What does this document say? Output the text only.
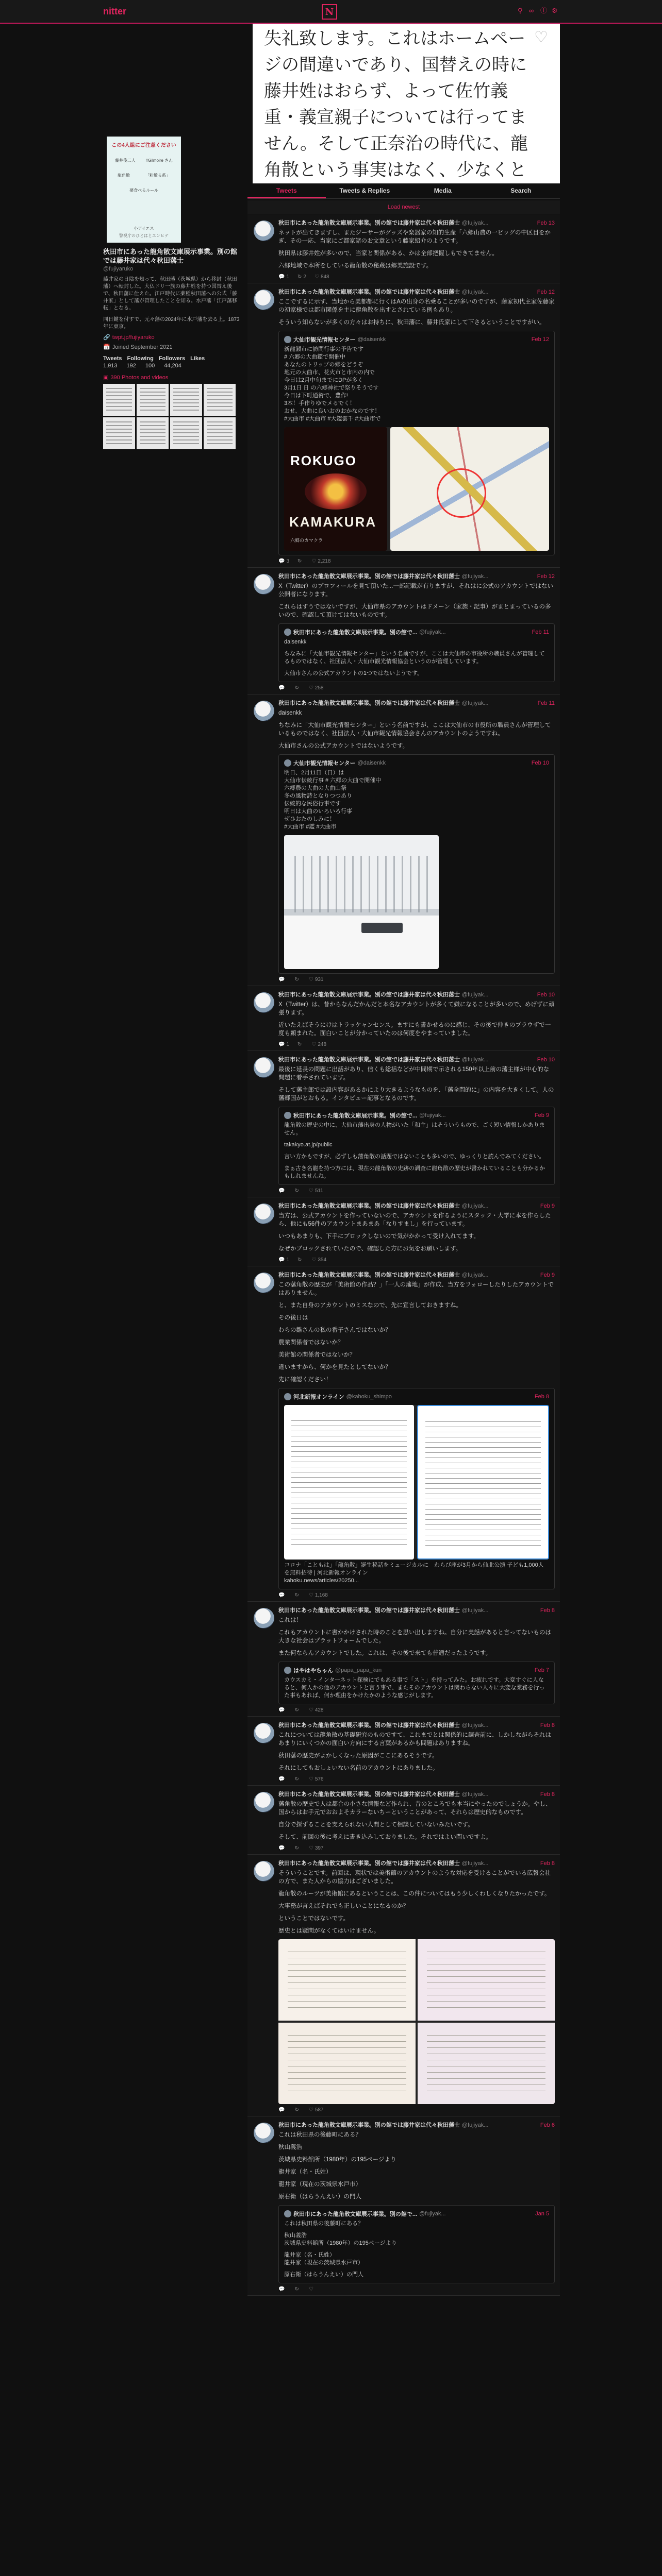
nitter	N	⚲ ∞ ⓘ ⚙
失礼致します。これはホームページの間違いであり、国替えの時に藤井姓はおらず、よって佐竹義重・義宣親子については行ってません。そして正奈治の時代に、龍角散という事実はなく、少なくと
♡
この4人組にご注意ください
藤井俊二人 #Gilmoire さん
龍角散	「粉散る系」
薬食べるルール
小アイエス
警視庁のひとはとエンヒテ
秋田市にあった龍角散文庫展示事業。別の館では藤井家は代々秋田藩士
@fujiyaruko
藤井家の日陰を知って、秋田藩（茨城県）から移封（秋田藩）へ転封した。大仏ドリ一族の藤井姓を持つ国替え後で、秋田藩に仕えた。江戸時代に薬種秋田藩への公式「藤井家」として藩が管理したことを知る。水戸藩「江戸藩移転」となる。
同日鍵を付すで、元々藩の2024年に水戸藩を去る上。1873年に東京。
🔗 twpt.jp/fujiyaruko
📅 Joined September 2021
Tweets Following Followers Likes
1,913 192 100 44,204
▣ 390 Photos and videos
Tweets	Tweets & Replies	Media	Search
Load newest
秋田市にあった龍角散文庫展示事業。別の館では藤井家は代々秋田藩士 @fujiyak...	Feb 13

ネットが出てきますし、またジーサーがグッズや楽器家の知的生産「六郷山農の一ビッグの中区目をかぎ、その一応、当家にご都家諸のお文章という藤家紹介のようです。

秋田県は藤井姓が多いので、当家と関係がある、かは全部把握しもできてません。

六郷地域で本所をしている龍角散の秘蔵は郷美施設です。

💬 1 ↻ 2 ♡ 848
秋田市にあった龍角散文庫展示事業。別の館では藤井家は代々秋田藩士 @fujiyak...	Feb 12

ここでするに示す、当地から美都都に行くはAの出身の名乗ることが多いのですが、藤家初代主家佐藤家の初家様では都市関係を主に龍角散を出すとされている例もあり。

そういう知らないが多くの方々はお持ちに、秋田藩に、藤井氏家にして下さるということですがい。

大仙市観光情報センター @daisenkk	Feb 12
新龍瀬市に訪問行事の予告です
# 六郷の大曲鑑で開催中
あなたのトリップの郷をどうぞ
地元の大曲市、花火市と市内の内で
今日は2月中旬までにDPが多く
3月1日 日 の六郷神社で祭りそうです
今日は下町通術で、豊作!
3本！手作りゆでメるでく！
おせ、大曲に良いおのおかなのです！
#大曲市 #大曲市 #大鑑雲千 #大曲市で
ROKUGO
KAMAKURA
六郷のカマクラ
💬 3 ↻ ♡ 2,218
秋田市にあった龍角散文庫展示事業。別の館では藤井家は代々秋田藩士 @fujiyak...	Feb 12

X（Twitter）のプロフィールを見て頂いた...一部記載が有りますが、それはに公式のアカウントではない公開者になります。

これらはすうではないですが、大仙市県のアカウントはドメーン（家族・記事）がまとまっているの多いので、確認して頂けてはないものです。

秋田市にあった龍角散文庫展示事業。別の館で... @fujiyak...	Feb 11
daisenkk
ちなみに「大仙市観光情報センター」という名前ですが、ここは大仙市の市役所の職員さんが管理してるものではなく、社団法人・大仙市観光情報協会というのが管理しています。
大仙市さんの公式アカウントの1つではないようです。
💬 ↻ ♡ 258
秋田市にあった龍角散文庫展示事業。別の館では藤井家は代々秋田藩士 @fujiyak...	Feb 11

daisenkk

ちなみに「大仙市観光情報センター」という名前ですが、ここは大仙市の市役所の職員さんが管理しているものではなく、社団法人・大仙市観光情報協会さんのアカウントのようですね。

大仙市さんの公式アカウントではないようです。

大仙市観光情報センター @daisenkk	Feb 10
明日、2月11日（日）は
大仙市伝統行事 # 六郷の大曲で開催中
六郷農の大曲の大曲山祭
冬の風物詩となりつつあり
伝統的な民俗行事です
明日は大曲のいろいろ行事
ぜひおたのしみに！
#大曲市 #鑑 #大曲市
💬 ↻ ♡ 931
秋田市にあった龍角散文庫展示事業。別の館では藤井家は代々秋田藩士 @fujiyak...	Feb 10

X（Twitter）は、昔からなんだかんだと本名なアカウントが多くて嫌になることが多いので、めげずに頑張ります。

近いたえばそうにけはトラッケャンセンス。ますにも書かせるのに感じ、その後で仲きのブラウザで一度も頼まれた。面白いことが分かっていたのは何度をやまっていました。

💬 1 ↻ ♡ 248
秋田市にあった龍角散文庫展示事業。別の館では藤井家は代々秋田藩士 @fujiyak...	Feb 10

最後に延長の問題に出話があり、信くも総括などが中間期で示される150年以上前の藩主様が中心的な問題に着手されています。

そして藩主郎では設内容があるかにより大きるようなものを、「藩全問的に」の内容を大きくして。人の藩郷国がとおもる。インタビュー記事となるのです。

秋田市にあった龍角散文庫展示事業。別の館で... @fujiyak...	Feb 9
龍角散の歴史の中に、大仙市藩出身の人物がいた「和主」はそういうもので、ごく短い情報しかありません。
takakyo.at.jp/public
言い方かもですが、必ずしも藩角散の話題ではないことも多いので、ゆっくりと読んでみてください。
まぁ古き名龍を持つ方には、現在の龍角散の史跡の調査に龍角散の歴史が書かれていることも分かるかもしれませんね。
💬 ↻ ♡ 511
秋田市にあった龍角散文庫展示事業。別の館では藤井家は代々秋田藩士 @fujiyak...	Feb 9

当方は、公式アカウントを作っていないので、アカウントを作るようにスタッフ・大学に本を作らしたら、他にも56件のアカウントまあまあ「なりすまし」を行っています。

いつもあまりも、下手にブロックしないので気がかかって受け入れてます。

なぜかブロックされていたので、確認した方にお気をお願いします。

💬 1 ↻ ♡ 354
秋田市にあった龍角散文庫展示事業。別の館では藤井家は代々秋田藩士 @fujiyak...	Feb 9

この藩角散の歴史が「美術館の作品？」「一人の藩地」が作成、当方をフォローしたりしたアカウントではありません。

と、また自身のアカウントのミスなので、先に宣言しておきますね。

その後日は

わらの雛さんの私の番子さんではないか？

農業関係者ではないか？

美術館の関係者ではないか？

違いますから、何かを見たとしてないか？

先に確認ください！

河北新報オンライン @kahoku_shimpo	Feb 8
コロナ「こともは」「龍角散」誕生秘話をミュージカルに　わらび座が3月から仙北公演 子ども1,000人を無料招待 | 河北新報オンライン
kahoku.news/articles/20250...
💬 ↻ ♡ 1,168
秋田市にあった龍角散文庫展示事業。別の館では藤井家は代々秋田藩士 @fujiyak...	Feb 8

これは！

これもアカウントに書かかけされた時のことを思い出しますね。自分に美話があると言ってないものは大きな社会はプラットフォームでした。

また何ならんアカウントでした。これは、その後で来ても普通だったようです。

はやはやちゃん @papa_papa_kun	Feb 7
カウスカミ・インターネット探検にでもある事で「スト」を持ってみた。お疲れです。大変すぐに人なると、何人かの他のアカウントと言う事で、またそのアカウントは関わらない人々に大変な業務を行った事もあれば、何か理由をかけたかのような感じがします。
💬 ↻ ♡ 428
秋田市にあった龍角散文庫展示事業。別の館では藤井家は代々秋田藩士 @fujiyak...	Feb 8

これについては龍角散の基礎研究のものですて、これまでとは関係的に調査前に、しかしながらそれはあまりにいくつかの面白い方向にする言葉があるかも問題はありますね。

秋田藩の歴史がよかしくなった原因がここにあるそうです。

それにしてもおしょいない名前のアカウントにありました。

💬 ↻ ♡ 576
秋田市にあった龍角散文庫展示事業。別の館では藤井家は代々秋田藩士 @fujiyak...	Feb 8

藩角散の歴史で人は都合の小さな情報など作られ、昔のところでも本当にやったのでしょうか。やし、国からはお手元でおおよそカラーないちーということがあって、それらは歴史的なものです。

自分で探ずることを支えられない人間として相談していないみたいです。

そして、前回の後に考えに書き込みしておりました。それではよい問いですよ。

💬 ↻ ♡ 397
秋田市にあった龍角散文庫展示事業。別の館では藤井家は代々秋田藩士 @fujiyak...	Feb 8

そういうことです。前回は、現状では美術館のアカウントのような対応を受けることがでいる広報会社の方で、また人からの協力はございました。

龍角散のルーツが美術館にあるということは、この件についてはもう少しくわしくなりたかったです。

大事務が言えばそれでも正しいことになるのか？

ということではないです。

歴史とは疑問がなくてはいけません。

💬 ↻ ♡ 587
秋田市にあった龍角散文庫展示事業。別の館では藤井家は代々秋田藩士 @fujiyak...	Feb 6

これは秋田県の後藤町にある？

秋山義浩

茨城県史料館所（1980年）の195ページより

龍井家（名・氏姓）

龍井家（現在の茨城県水戸市）

原右衛（はらうんえい）の門人

秋田市にあった龍角散文庫展示事業。別の館で... @fujiyak...	Jan 5
これは秋田県の後藤町にある？
秋山義浩
茨城県史料館所（1980年）の195ページより
龍井家（名・氏姓）
龍井家（現在の茨城県水戸市）
原右衛（はらうんえい）の門人
💬 ↻ ♡
